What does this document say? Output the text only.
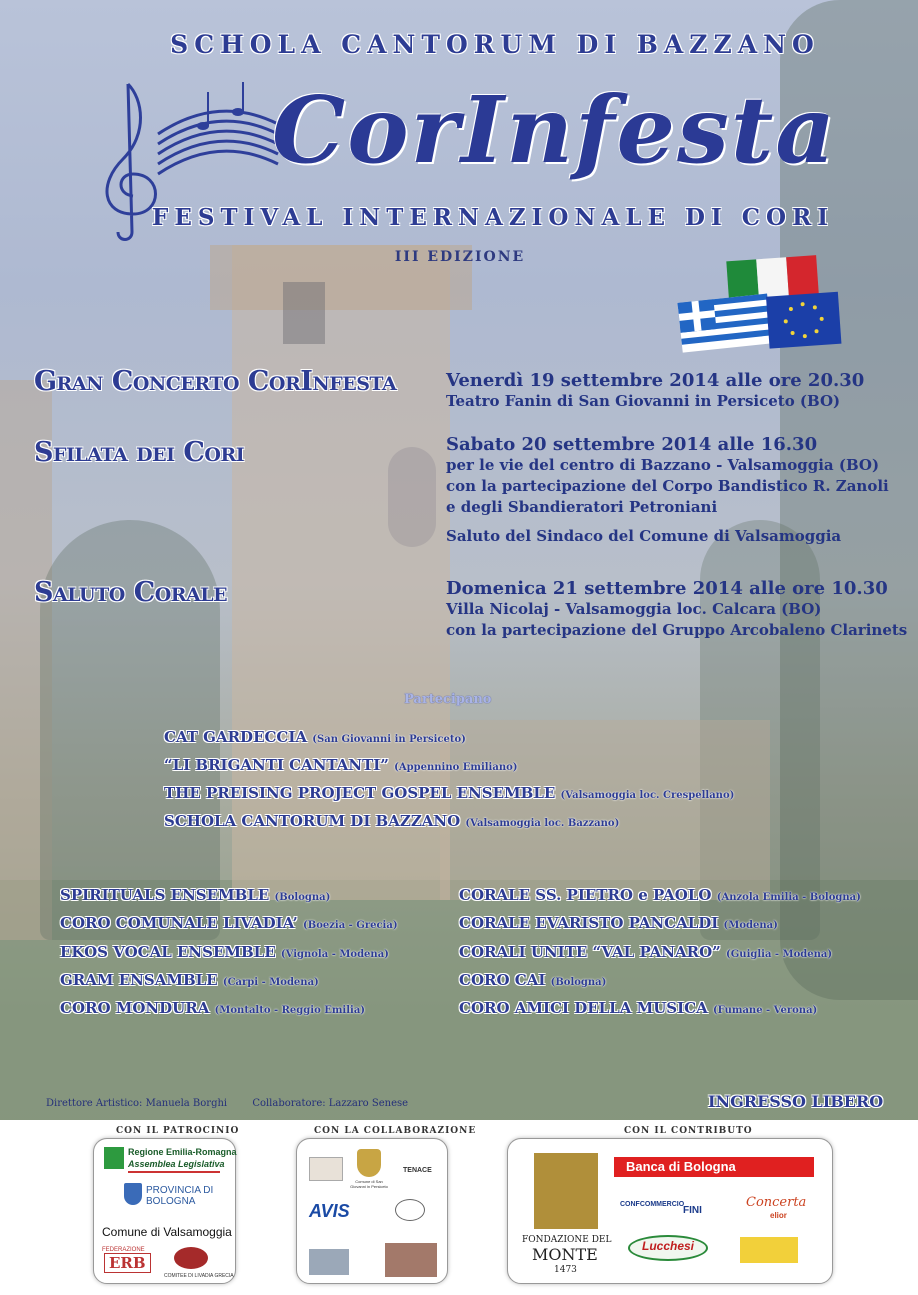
SCHOLA CANTORUM DI BAZZANO
CorInfesta
FESTIVAL INTERNAZIONALE DI CORI
III EDIZIONE
Gran Concerto CorInfesta	Venerdì 19 settembre 2014 alle ore 20.30
Teatro Fanin di San Giovanni in Persiceto (BO)
Sfilata dei Cori	Sabato 20 settembre 2014 alle 16.30
per le vie del centro di Bazzano - Valsamoggia (BO)
con la partecipazione del Corpo Bandistico R. Zanoli
e degli Sbandieratori Petroniani
Saluto del Sindaco del Comune di Valsamoggia
Saluto Corale	Domenica 21 settembre 2014 alle ore 10.30
Villa Nicolaj - Valsamoggia loc. Calcara (BO)
con la partecipazione del Gruppo Arcobaleno Clarinets
Partecipano
CAT GARDECCIA (San Giovanni in Persiceto)
“LI BRIGANTI CANTANTI” (Appennino Emiliano)
THE PREISING PROJECT GOSPEL ENSEMBLE (Valsamoggia loc. Crespellano)
SCHOLA CANTORUM DI BAZZANO (Valsamoggia loc. Bazzano)
SPIRITUALS ENSEMBLE (Bologna)
CORO COMUNALE LIVADIA’ (Boezia - Grecia)
EKOS VOCAL ENSEMBLE (Vignola - Modena)
GRAM ENSAMBLE (Carpi - Modena)
CORO MONDURA (Montalto - Reggio Emilia)
CORALE SS. PIETRO e PAOLO (Anzola Emilia - Bologna)
CORALE EVARISTO PANCALDI (Modena)
CORALI UNITE “VAL PANARO” (Guiglia - Modena)
CORO CAI (Bologna)
CORO AMICI DELLA MUSICA (Fumane - Verona)
Direttore Artistico: Manuela Borghi	Collaboratore: Lazzaro Senese	INGRESSO LIBERO
CON IL PATROCINIO	CON LA COLLABORAZIONE	CON IL CONTRIBUTO
Regione Emilia-Romagna
Assemblea Legislativa
PROVINCIA DI
BOLOGNA
Comune di Valsamoggia
FEDERAZIONE
ERB
COMITEE DI LIVADIA GRECIA
Comune di San Giovanni in Persiceto
TENACE
AVIS
FONDAZIONE DEL
MONTE
1473
Banca di Bologna
CONFCOMMERCIO
FINI
Concerta
elior
Lucchesi
